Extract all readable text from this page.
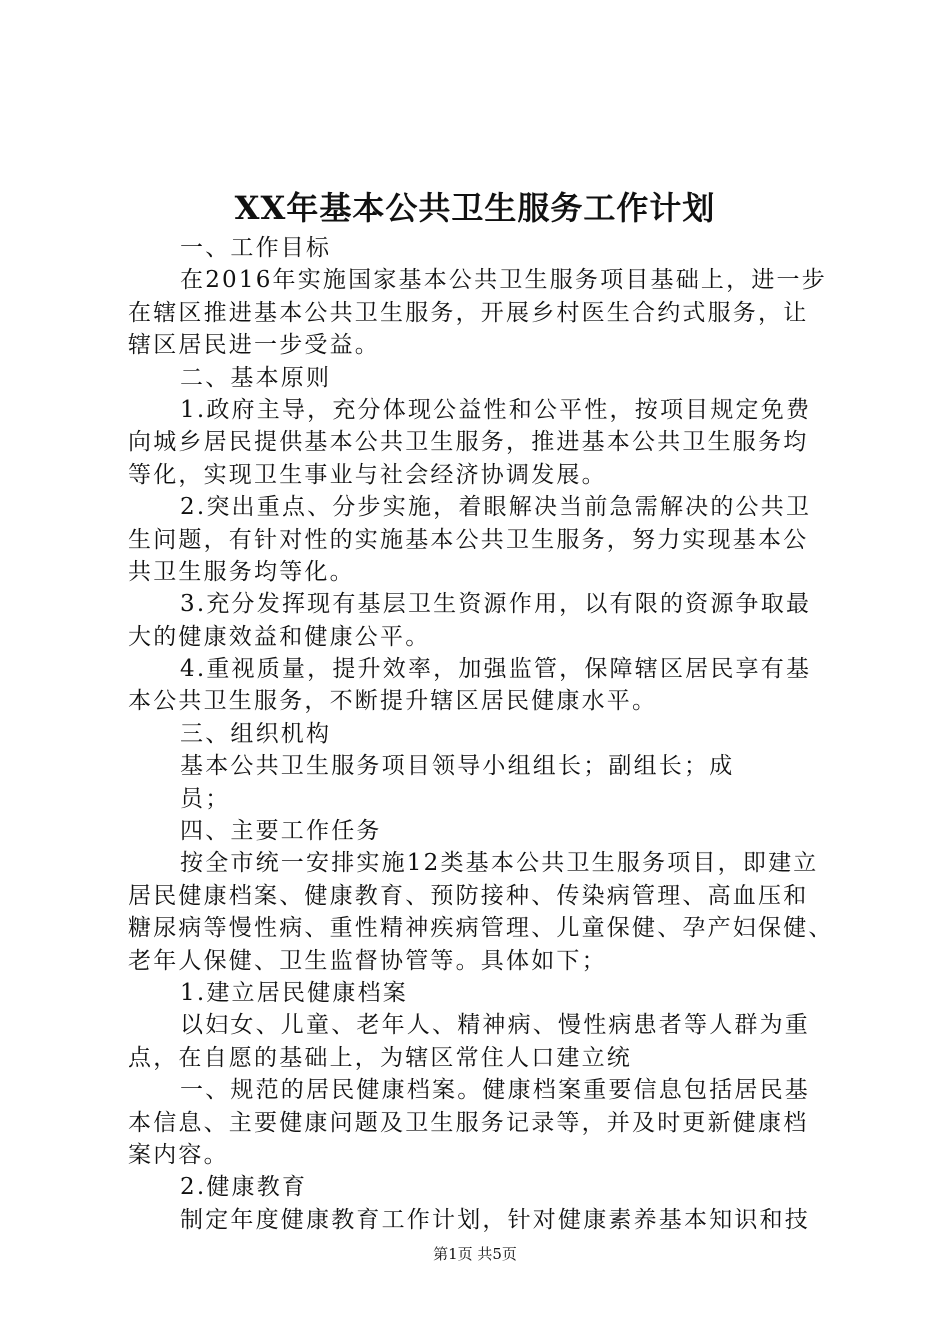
XX年基本公共卫生服务工作计划
一、工作目标
在2016年实施国家基本公共卫生服务项目基础上，进一步
在辖区推进基本公共卫生服务，开展乡村医生合约式服务，让
辖区居民进一步受益。
二、基本原则
1.政府主导，充分体现公益性和公平性，按项目规定免费
向城乡居民提供基本公共卫生服务，推进基本公共卫生服务均
等化，实现卫生事业与社会经济协调发展。
2.突出重点、分步实施，着眼解决当前急需解决的公共卫
生问题，有针对性的实施基本公共卫生服务，努力实现基本公
共卫生服务均等化。
3.充分发挥现有基层卫生资源作用，以有限的资源争取最
大的健康效益和健康公平。
4.重视质量，提升效率，加强监管，保障辖区居民享有基
本公共卫生服务，不断提升辖区居民健康水平。
三、组织机构
基本公共卫生服务项目领导小组组长；副组长；成
员；
四、主要工作任务
按全市统一安排实施12类基本公共卫生服务项目，即建立
居民健康档案、健康教育、预防接种、传染病管理、高血压和
糖尿病等慢性病、重性精神疾病管理、儿童保健、孕产妇保健、
老年人保健、卫生监督协管等。具体如下；
1.建立居民健康档案
以妇女、儿童、老年人、精神病、慢性病患者等人群为重
点，在自愿的基础上，为辖区常住人口建立统
一、规范的居民健康档案。健康档案重要信息包括居民基
本信息、主要健康问题及卫生服务记录等，并及时更新健康档
案内容。
2.健康教育
制定年度健康教育工作计划，针对健康素养基本知识和技
第1页 共5页
